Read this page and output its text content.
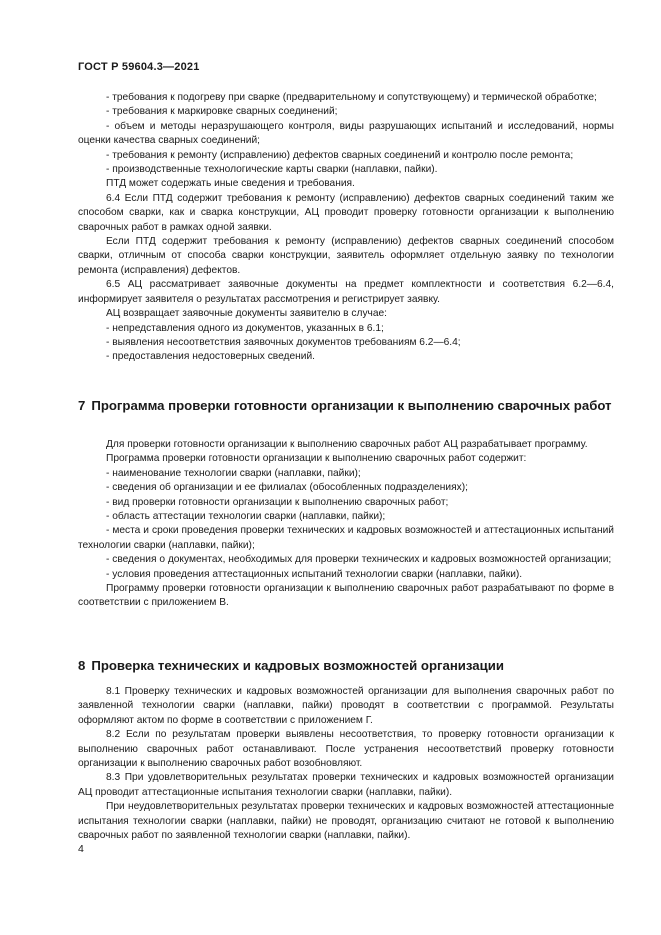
ГОСТ Р 59604.3—2021

- требования к подогреву при сварке (предварительному и сопутствующему) и термической обработке;

- требования к маркировке сварных соединений;

- объем и методы неразрушающего контроля, виды разрушающих испытаний и исследований, нормы оценки качества сварных соединений;

- требования к ремонту (исправлению) дефектов сварных соединений и контролю после ремонта;

- производственные технологические карты сварки (наплавки, пайки).

ПТД может содержать иные сведения и требования.

6.4 Если ПТД содержит требования к ремонту (исправлению) дефектов сварных соединений таким же способом сварки, как и сварка конструкции, АЦ проводит проверку готовности организации к выполнению сварочных работ в рамках одной заявки.

Если ПТД содержит требования к ремонту (исправлению) дефектов сварных соединений способом сварки, отличным от способа сварки конструкции, заявитель оформляет отдельную заявку по технологии ремонта (исправления) дефектов.

6.5 АЦ рассматривает заявочные документы на предмет комплектности и соответствия 6.2—6.4, информирует заявителя о результатах рассмотрения и регистрирует заявку.

АЦ возвращает заявочные документы заявителю в случае:

- непредставления одного из документов, указанных в 6.1;

- выявления несоответствия заявочных документов требованиям 6.2—6.4;

- предоставления недостоверных сведений.

7 Программа проверки готовности организации к выполнению сварочных работ

Для проверки готовности организации к выполнению сварочных работ АЦ разрабатывает программу.

Программа проверки готовности организации к выполнению сварочных работ содержит:

- наименование технологии сварки (наплавки, пайки);

- сведения об организации и ее филиалах (обособленных подразделениях);

- вид проверки готовности организации к выполнению сварочных работ;

- область аттестации технологии сварки (наплавки, пайки);

- места и сроки проведения проверки технических и кадровых возможностей и аттестационных испытаний технологии сварки (наплавки, пайки);

- сведения о документах, необходимых для проверки технических и кадровых возможностей организации;

- условия проведения аттестационных испытаний технологии сварки (наплавки, пайки).

Программу проверки готовности организации к выполнению сварочных работ разрабатывают по форме в соответствии с приложением В.

8 Проверка технических и кадровых возможностей организации

8.1 Проверку технических и кадровых возможностей организации для выполнения сварочных работ по заявленной технологии сварки (наплавки, пайки) проводят в соответствии с программой. Результаты оформляют актом по форме в соответствии с приложением Г.

8.2 Если по результатам проверки выявлены несоответствия, то проверку готовности организации к выполнению сварочных работ останавливают. После устранения несоответствий проверку готовности организации к выполнению сварочных работ возобновляют.

8.3 При удовлетворительных результатах проверки технических и кадровых возможностей организации АЦ проводит аттестационные испытания технологии сварки (наплавки, пайки).

При неудовлетворительных результатах проверки технических и кадровых возможностей аттестационные испытания технологии сварки (наплавки, пайки) не проводят, организацию считают не готовой к выполнению сварочных работ по заявленной технологии сварки (наплавки, пайки).

4
